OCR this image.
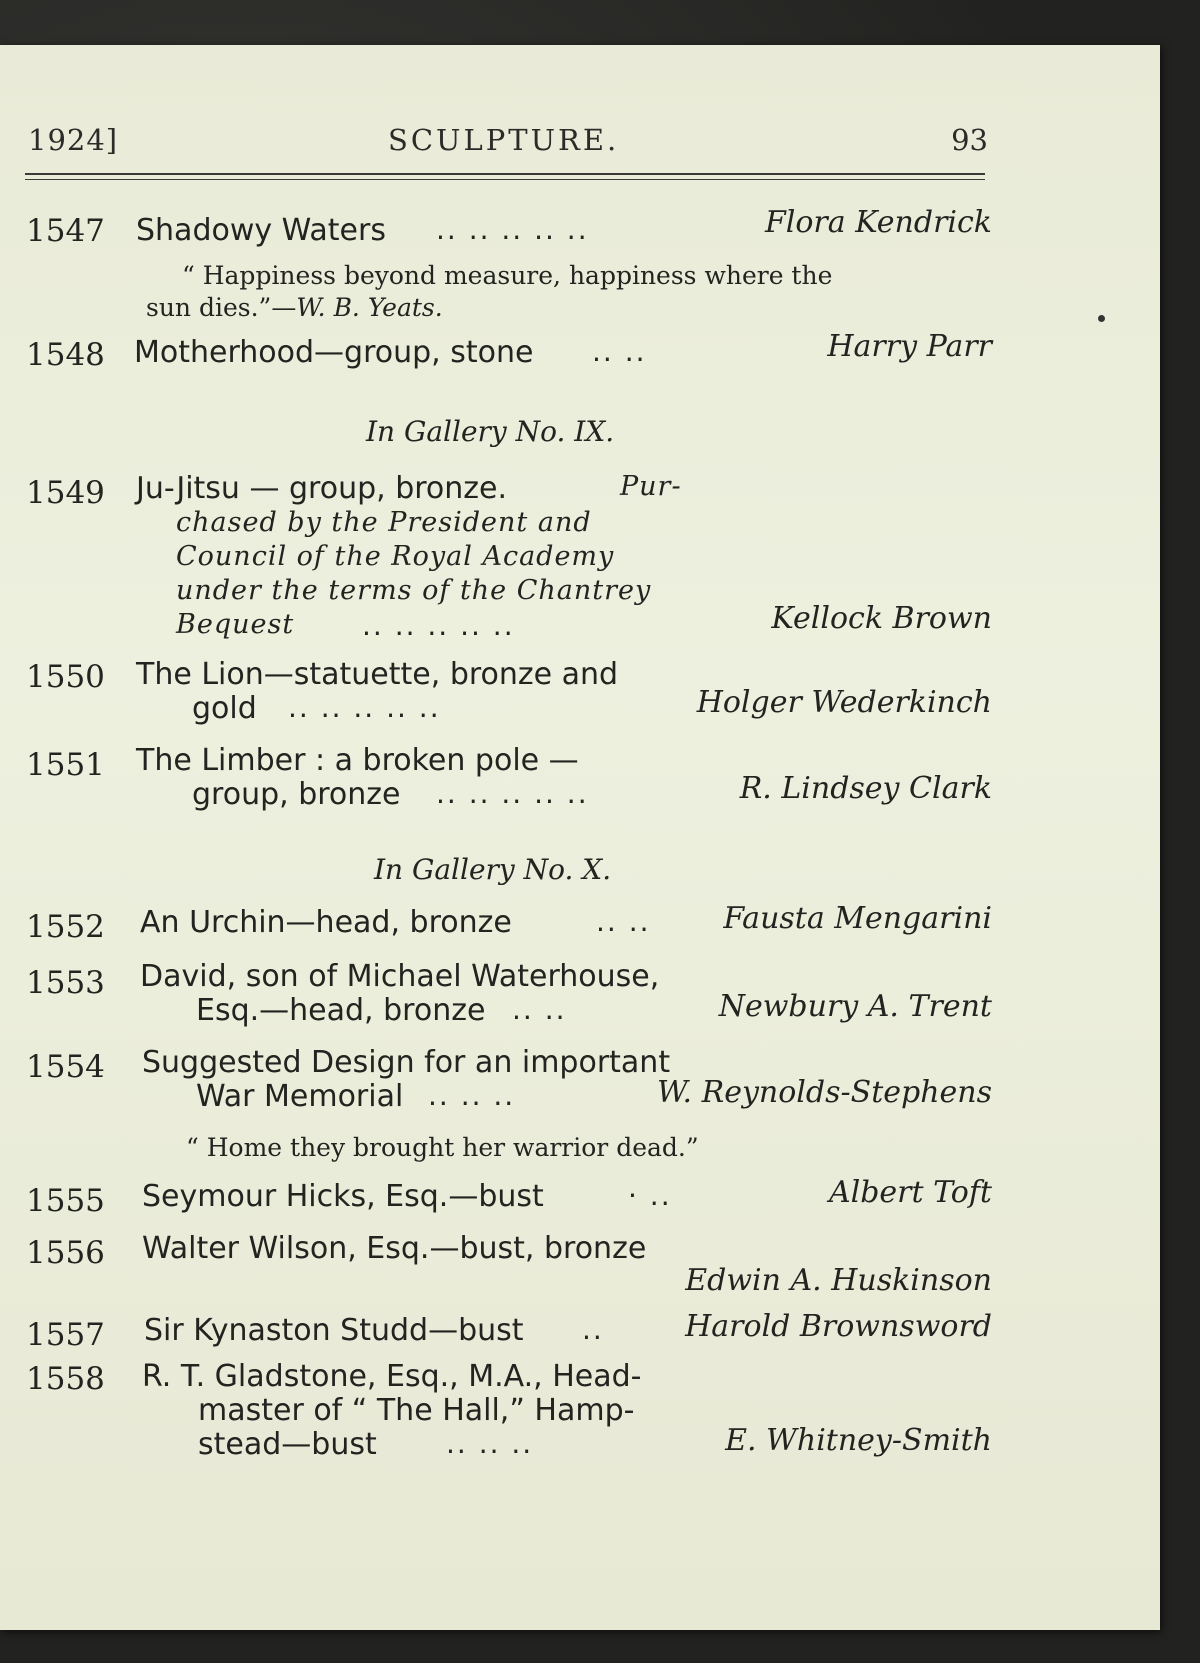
1924]	SCULPTURE.	93
1547 Shadowy Waters .. .. .. .. ..	Flora Kendrick
“ Happiness beyond measure, happiness where the
sun dies.”—W. B. Yeats.
1548 Motherhood—group, stone .. ..	Harry Parr
In Gallery No. IX.
1549 Ju-Jitsu — group, bronze.	Pur-
chased by the President and
Council of the Royal Academy
under the terms of the Chantrey
Bequest .. .. .. .. ..	Kellock Brown
1550 The Lion—statuette, bronze and
gold .. .. .. .. ..	Holger Wederkinch
1551 The Limber : a broken pole —
group, bronze .. .. .. .. ..	R. Lindsey Clark
In Gallery No. X.
1552 An Urchin—head, bronze	.. .. Fausta Mengarini
1553 David, son of Michael Waterhouse,
Esq.—head, bronze .. ..	Newbury A. Trent
1554 Suggested Design for an important
War Memorial .. .. ..	W. Reynolds-Stephens
“ Home they brought her warrior dead.”
1555 Seymour Hicks, Esq.—bust	· ..	Albert Toft
1556 Walter Wilson, Esq.—bust, bronze
Edwin A. Huskinson
1557 Sir Kynaston Studd—bust ..	Harold Brownsword
1558 R. T. Gladstone, Esq., M.A., Head-
master of “ The Hall,” Hamp-
stead—bust .. .. ..	E. Whitney-Smith
